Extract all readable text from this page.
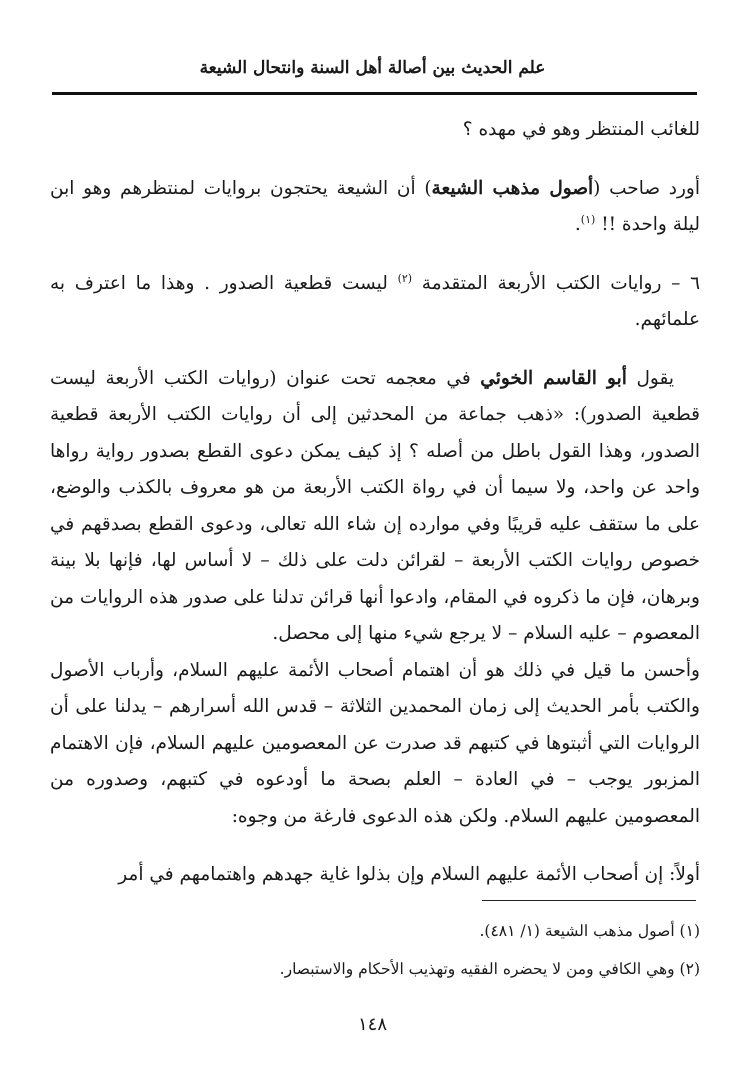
علم الحديث بين أصالة أهل السنة وانتحال الشيعة

للغائب المنتظر وهو في مهده ؟

أورد صاحب (أصول مذهب الشيعة) أن الشيعة يحتجون بروايات لمنتظرهم وهو ابن ليلة واحدة !! $^{(١)}$.

٦ – روايات الكتب الأربعة المتقدمة $^{(٢)}$ ليست قطعية الصدور . وهذا ما اعترف به علمائهم.

يقول أبو القاسم الخوئي في معجمه تحت عنوان (روايات الكتب الأربعة ليست قطعية الصدور): «ذهب جماعة من المحدثين إلى أن روايات الكتب الأربعة قطعية الصدور، وهذا القول باطل من أصله ؟ إذ كيف يمكن دعوى القطع بصدور رواية رواها واحد عن واحد، ولا سيما أن في رواة الكتب الأربعة من هو معروف بالكذب والوضع، على ما ستقف عليه قريبًا وفي موارده إن شاء الله تعالى، ودعوى القطع بصدقهم في خصوص روايات الكتب الأربعة – لقرائن دلت على ذلك – لا أساس لها، فإنها بلا بينة وبرهان، فإن ما ذكروه في المقام، وادعوا أنها قرائن تدلنا على صدور هذه الروايات من المعصوم – عليه السلام – لا يرجع شيء منها إلى محصل.

وأحسن ما قيل في ذلك هو أن اهتمام أصحاب الأئمة عليهم السلام، وأرباب الأصول والكتب بأمر الحديث إلى زمان المحمدين الثلاثة – قدس الله أسرارهم – يدلنا على أن الروايات التي أثبتوها في كتبهم قد صدرت عن المعصومين عليهم السلام، فإن الاهتمام المزبور يوجب – في العادة – العلم بصحة ما أودعوه في كتبهم، وصدوره من المعصومين عليهم السلام. ولكن هذه الدعوى فارغة من وجوه:

أولاً: إن أصحاب الأئمة عليهم السلام وإن بذلوا غاية جهدهم واهتمامهم في أمر

(١) أصول مذهب الشيعة (١/ ٤٨١).

(٢) وهي الكافي ومن لا يحضره الفقيه وتهذيب الأحكام والاستبصار.

١٤٨
